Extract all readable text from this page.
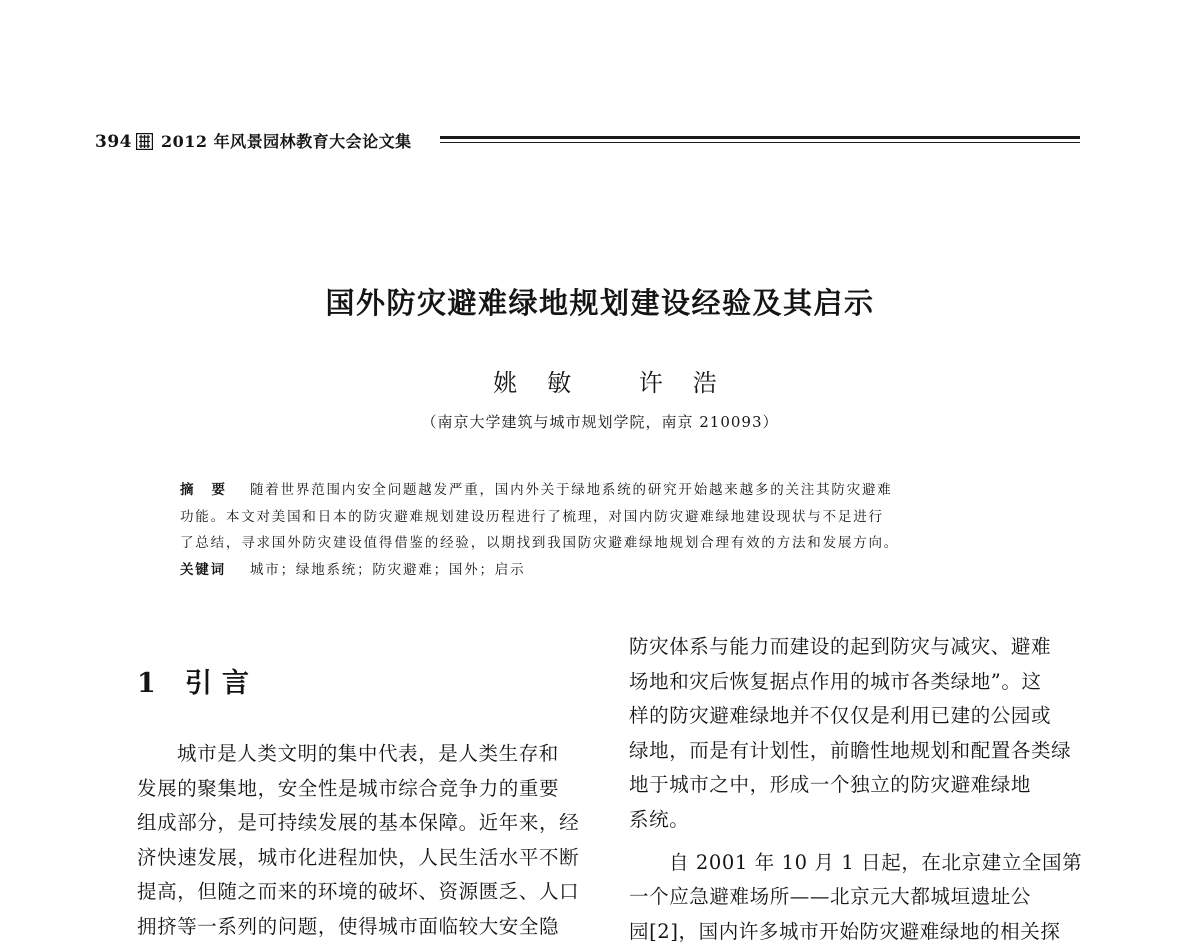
394 2012 年风景园林教育大会论文集
国外防灾避难绿地规划建设经验及其启示
姚敏 许浩
（南京大学建筑与城市规划学院，南京 210093）
摘要 随着世界范围内安全问题越发严重，国内外关于绿地系统的研究开始越来越多的关注其防灾避难
功能。本文对美国和日本的防灾避难规划建设历程进行了梳理，对国内防灾避难绿地建设现状与不足进行
了总结，寻求国外防灾建设值得借鉴的经验，以期找到我国防灾避难绿地规划合理有效的方法和发展方向。
关键词 城市；绿地系统；防灾避难；国外；启示
1 引言
城市是人类文明的集中代表，是人类生存和
发展的聚集地，安全性是城市综合竞争力的重要
组成部分，是可持续发展的基本保障。近年来，经
济快速发展，城市化进程加快，人民生活水平不断
提高，但随之而来的环境的破坏、资源匮乏、人口
拥挤等一系列的问题，使得城市面临较大安全隐
防灾体系与能力而建设的起到防灾与减灾、避难
场地和灾后恢复据点作用的城市各类绿地”。这
样的防灾避难绿地并不仅仅是利用已建的公园或
绿地，而是有计划性，前瞻性地规划和配置各类绿
地于城市之中，形成一个独立的防灾避难绿地
系统。
自 2001 年 10 月 1 日起，在北京建立全国第
一个应急避难场所——北京元大都城垣遗址公
园[2]，国内许多城市开始防灾避难绿地的相关探
